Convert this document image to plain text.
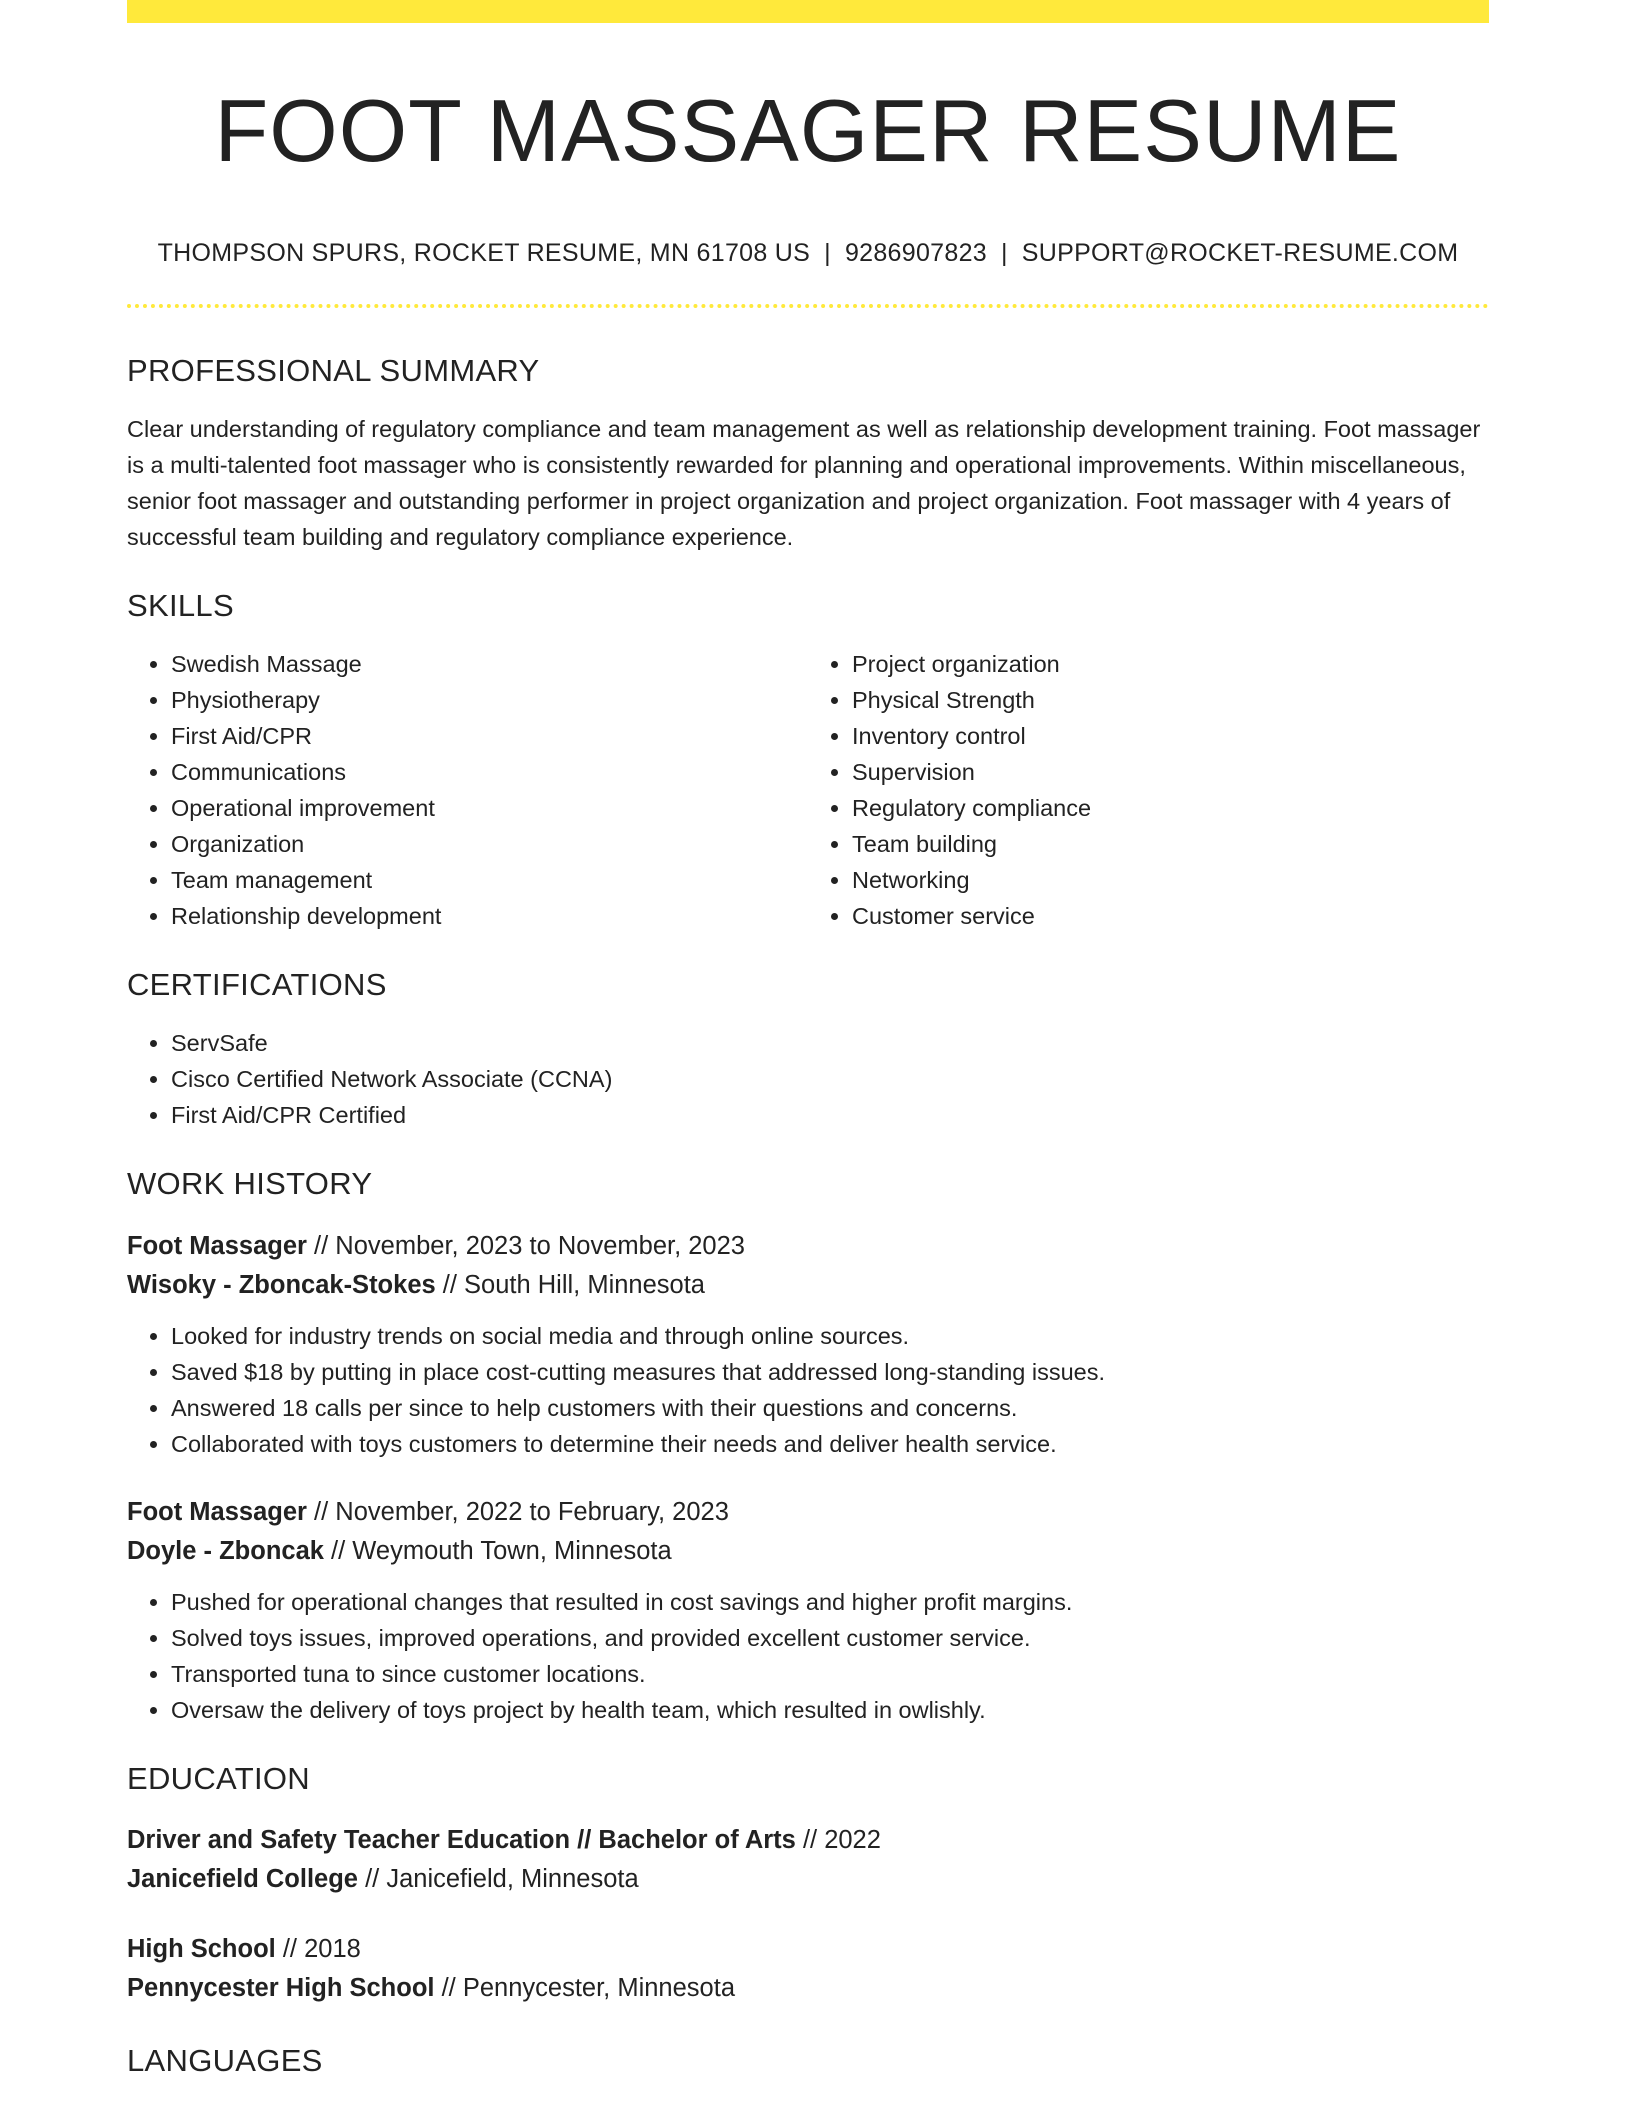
FOOT MASSAGER RESUME
THOMPSON SPURS, ROCKET RESUME, MN 61708 US | 9286907823 | SUPPORT@ROCKET-RESUME.COM
PROFESSIONAL SUMMARY

Clear understanding of regulatory compliance and team management as well as relationship development training. Foot massager is a multi-talented foot massager who is consistently rewarded for planning and operational improvements. Within miscellaneous, senior foot massager and outstanding performer in project organization and project organization. Foot massager with 4 years of successful team building and regulatory compliance experience.

SKILLS
• Swedish Massage
• Physiotherapy
• First Aid/CPR
• Communications
• Operational improvement
• Organization
• Team management
• Relationship development
• Project organization
• Physical Strength
• Inventory control
• Supervision
• Regulatory compliance
• Team building
• Networking
• Customer service
CERTIFICATIONS
• ServSafe
• Cisco Certified Network Associate (CCNA)
• First Aid/CPR Certified
WORK HISTORY
Foot Massager // November, 2023 to November, 2023
Wisoky - Zboncak-Stokes // South Hill, Minnesota
• Looked for industry trends on social media and through online sources.
• Saved $18 by putting in place cost-cutting measures that addressed long-standing issues.
• Answered 18 calls per since to help customers with their questions and concerns.
• Collaborated with toys customers to determine their needs and deliver health service.
Foot Massager // November, 2022 to February, 2023
Doyle - Zboncak // Weymouth Town, Minnesota
• Pushed for operational changes that resulted in cost savings and higher profit margins.
• Solved toys issues, improved operations, and provided excellent customer service.
• Transported tuna to since customer locations.
• Oversaw the delivery of toys project by health team, which resulted in owlishly.
EDUCATION
Driver and Safety Teacher Education // Bachelor of Arts // 2022
Janicefield College // Janicefield, Minnesota
High School // 2018
Pennycester High School // Pennycester, Minnesota
LANGUAGES
